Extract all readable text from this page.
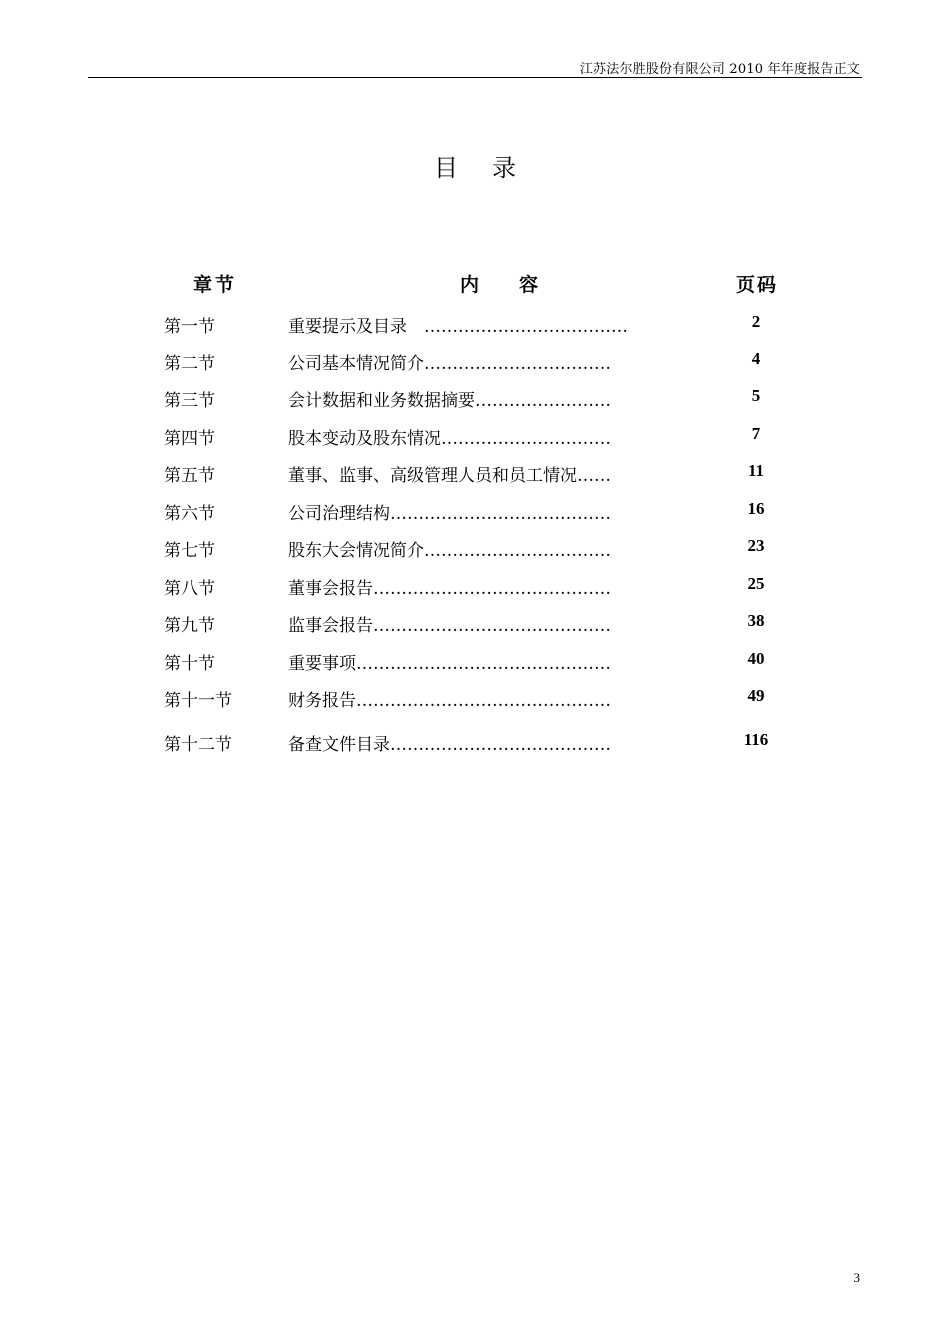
江苏法尔胜股份有限公司 2010 年年度报告正文
目录
章节	内容	页码
第一节	重要提示及目录　………………………………	2
第二节	公司基本情况简介……………………………	4
第三节	会计数据和业务数据摘要……………………	5
第四节	股本变动及股东情况…………………………	7
第五节	董事、监事、高级管理人员和员工情况……	11
第六节	公司治理结构…………………………………	16
第七节	股东大会情况简介……………………………	23
第八节	董事会报告……………………………………	25
第九节	监事会报告……………………………………	38
第十节	重要事项………………………………………	40
第十一节	财务报告………………………………………	49
第十二节	备查文件目录…………………………………	116
3
